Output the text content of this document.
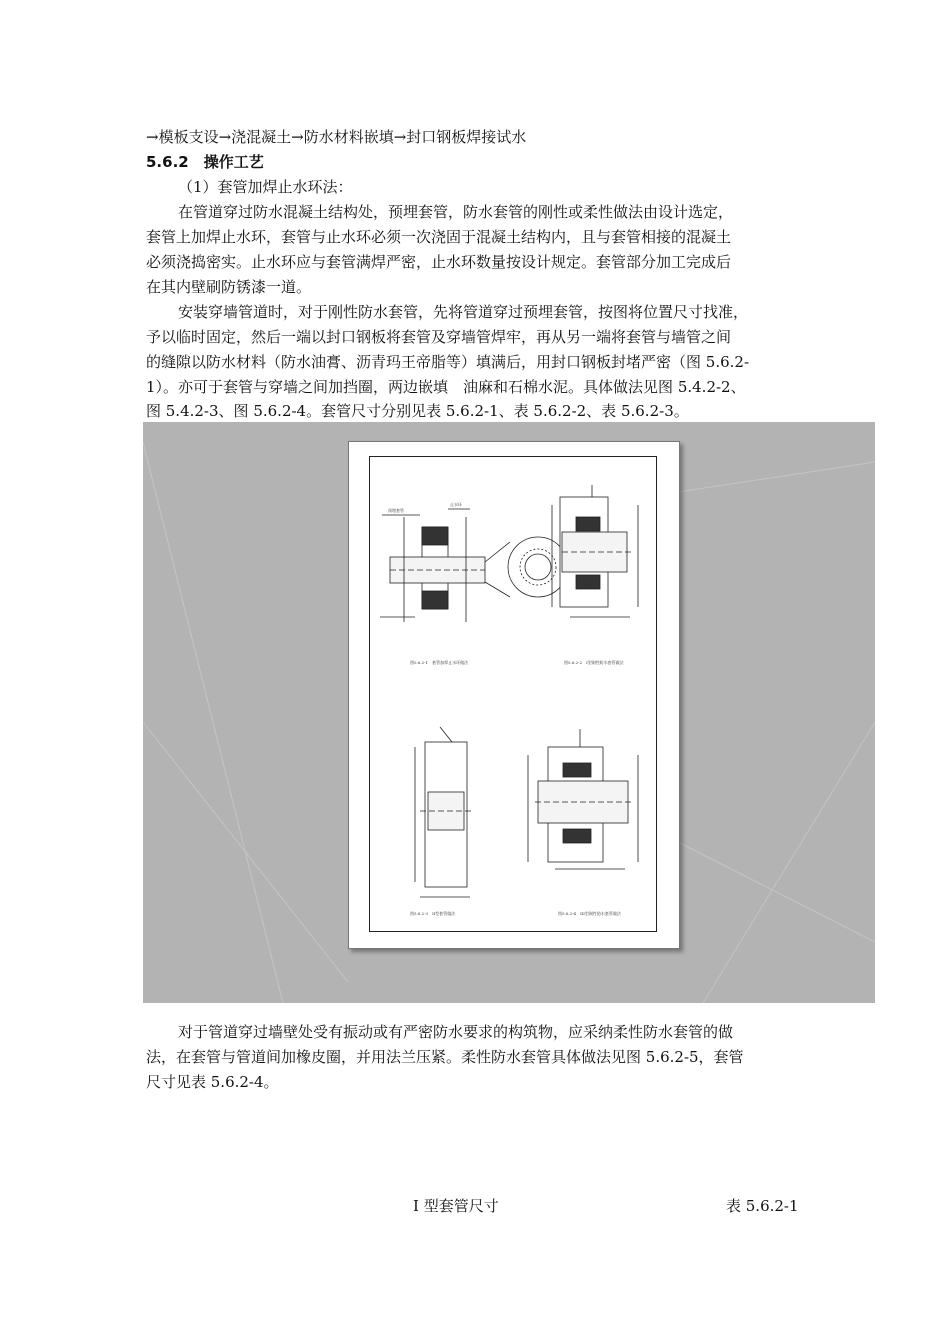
→模板支设→浇混凝土→防水材料嵌填→封口钢板焊接试水
5.6.2　操作工艺
（1）套管加焊止水环法：
在管道穿过防水混凝土结构处，预埋套管，防水套管的刚性或柔性做法由设计选定，
套管上加焊止水环，套管与止水环必须一次浇固于混凝土结构内，且与套管相接的混凝土
必须浇捣密实。止水环应与套管满焊严密，止水环数量按设计规定。套管部分加工完成后
在其内壁刷防锈漆一道。
安装穿墙管道时，对于刚性防水套管，先将管道穿过预埋套管，按图将位置尺寸找准，
予以临时固定，然后一端以封口钢板将套管及穿墙管焊牢，再从另一端将套管与墙管之间
的缝隙以防水材料（防水油膏、沥青玛王帝脂等）填满后，用封口钢板封堵严密（图 5.6.2-
1）。亦可于套管与穿墙之间加挡圈，两边嵌填　油麻和石棉水泥。具体做法见图 5.4.2-2、
图 5.4.2-3、图 5.6.2-4。套管尺寸分别见表 5.6.2-1、表 5.6.2-2、表 5.6.2-3。
预埋套管
止水环
图5.6.2-1　套管加焊止水环做法	图5.6.2-2　I型刚性防水套管做法
图5.6.2-3　II型套管做法	图5.6.2-4　III型刚性防水套管做法
对于管道穿过墙壁处受有振动或有严密防水要求的构筑物，应采纳柔性防水套管的做
法，在套管与管道间加橡皮圈，并用法兰压紧。柔性防水套管具体做法见图 5.6.2-5，套管
尺寸见表 5.6.2-4。
I 型套管尺寸	表 5.6.2-1
